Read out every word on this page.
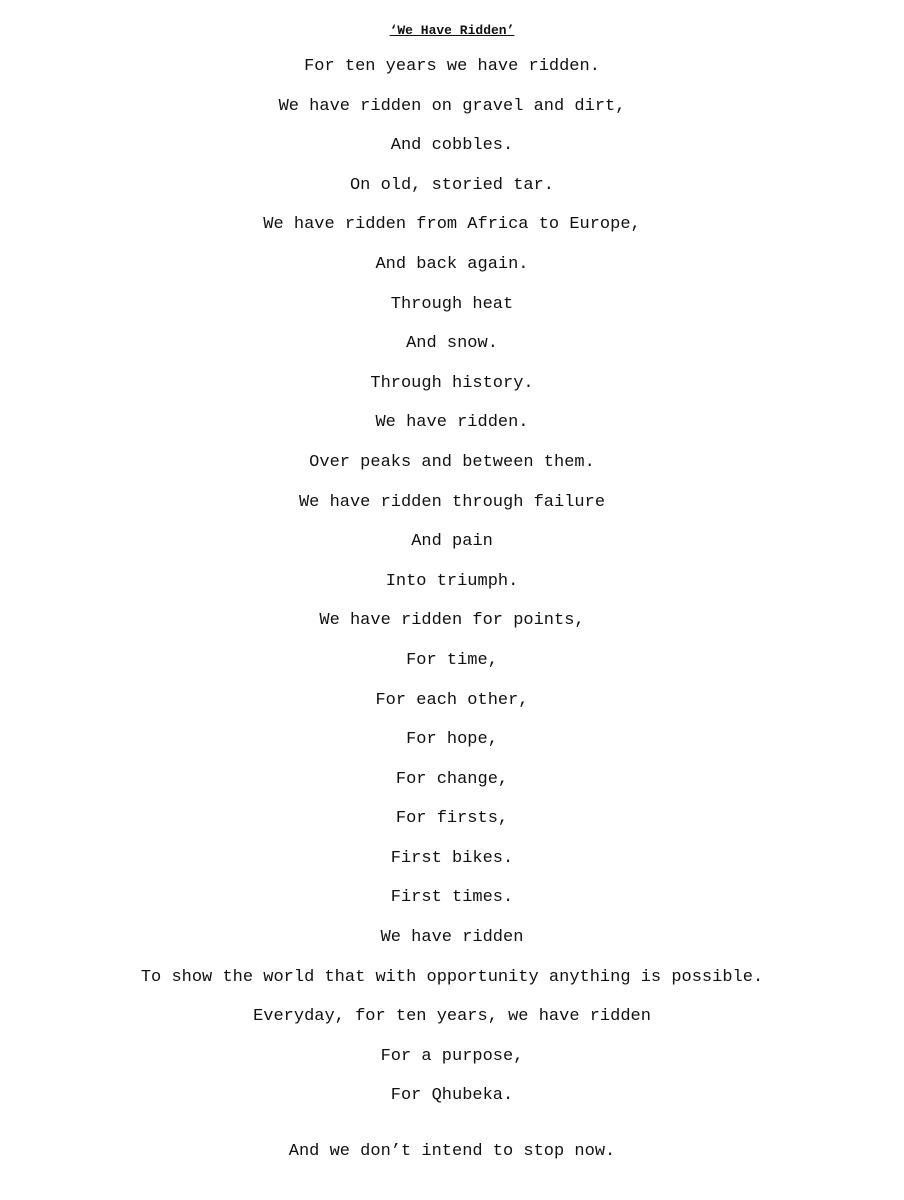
‘We Have Ridden’
For ten years we have ridden.
We have ridden on gravel and dirt,
And cobbles.
On old, storied tar.
We have ridden from Africa to Europe,
And back again.
Through heat
And snow.
Through history.
We have ridden.
Over peaks and between them.
We have ridden through failure
And pain
Into triumph.
We have ridden for points,
For time,
For each other,
For hope,
For change,
For firsts,
First bikes.
First times.
We have ridden
To show the world that with opportunity anything is possible.
Everyday, for ten years, we have ridden
For a purpose,
For Qhubeka.
And we don’t intend to stop now.
